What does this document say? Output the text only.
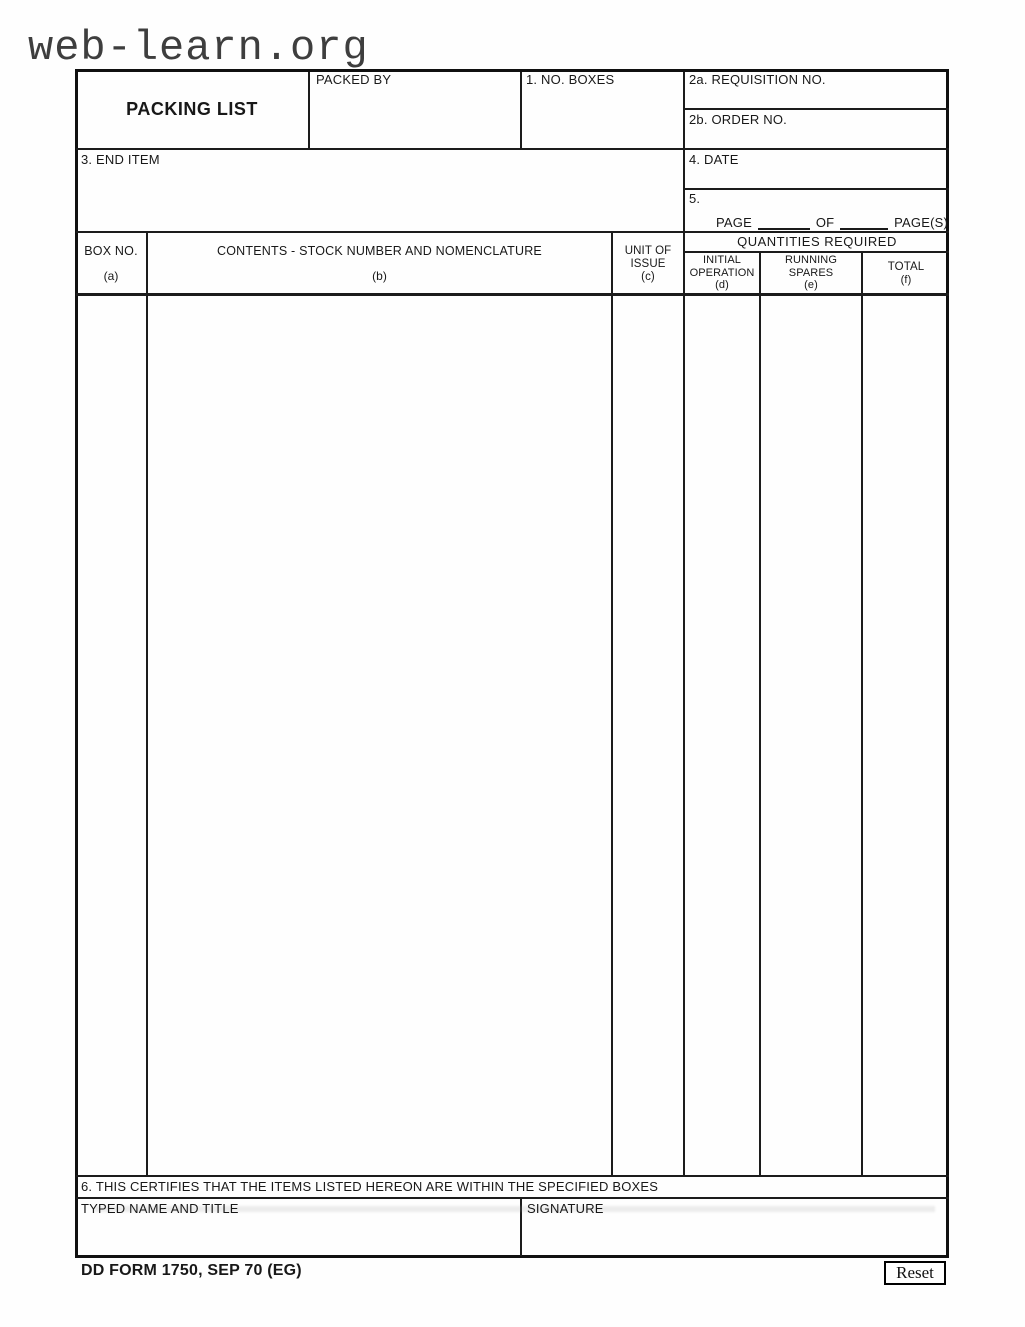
web-learn.org
PACKING LIST
PACKED BY	1. NO. BOXES	2a. REQUISITION NO.
2b. ORDER NO.
3. END ITEM	4. DATE
5.
PAGE	OF	PAGE(S)
BOX NO.
(a)
CONTENTS - STOCK NUMBER AND NOMENCLATURE
(b)
UNIT OF
ISSUE
(c)
QUANTITIES REQUIRED
INITIAL
OPERATION
(d)
RUNNING
SPARES
(e)
TOTAL
(f)
6. THIS CERTIFIES THAT THE ITEMS LISTED HEREON ARE WITHIN THE SPECIFIED BOXES
TYPED NAME AND TITLE	SIGNATURE
DD FORM 1750, SEP 70 (EG)	Reset
